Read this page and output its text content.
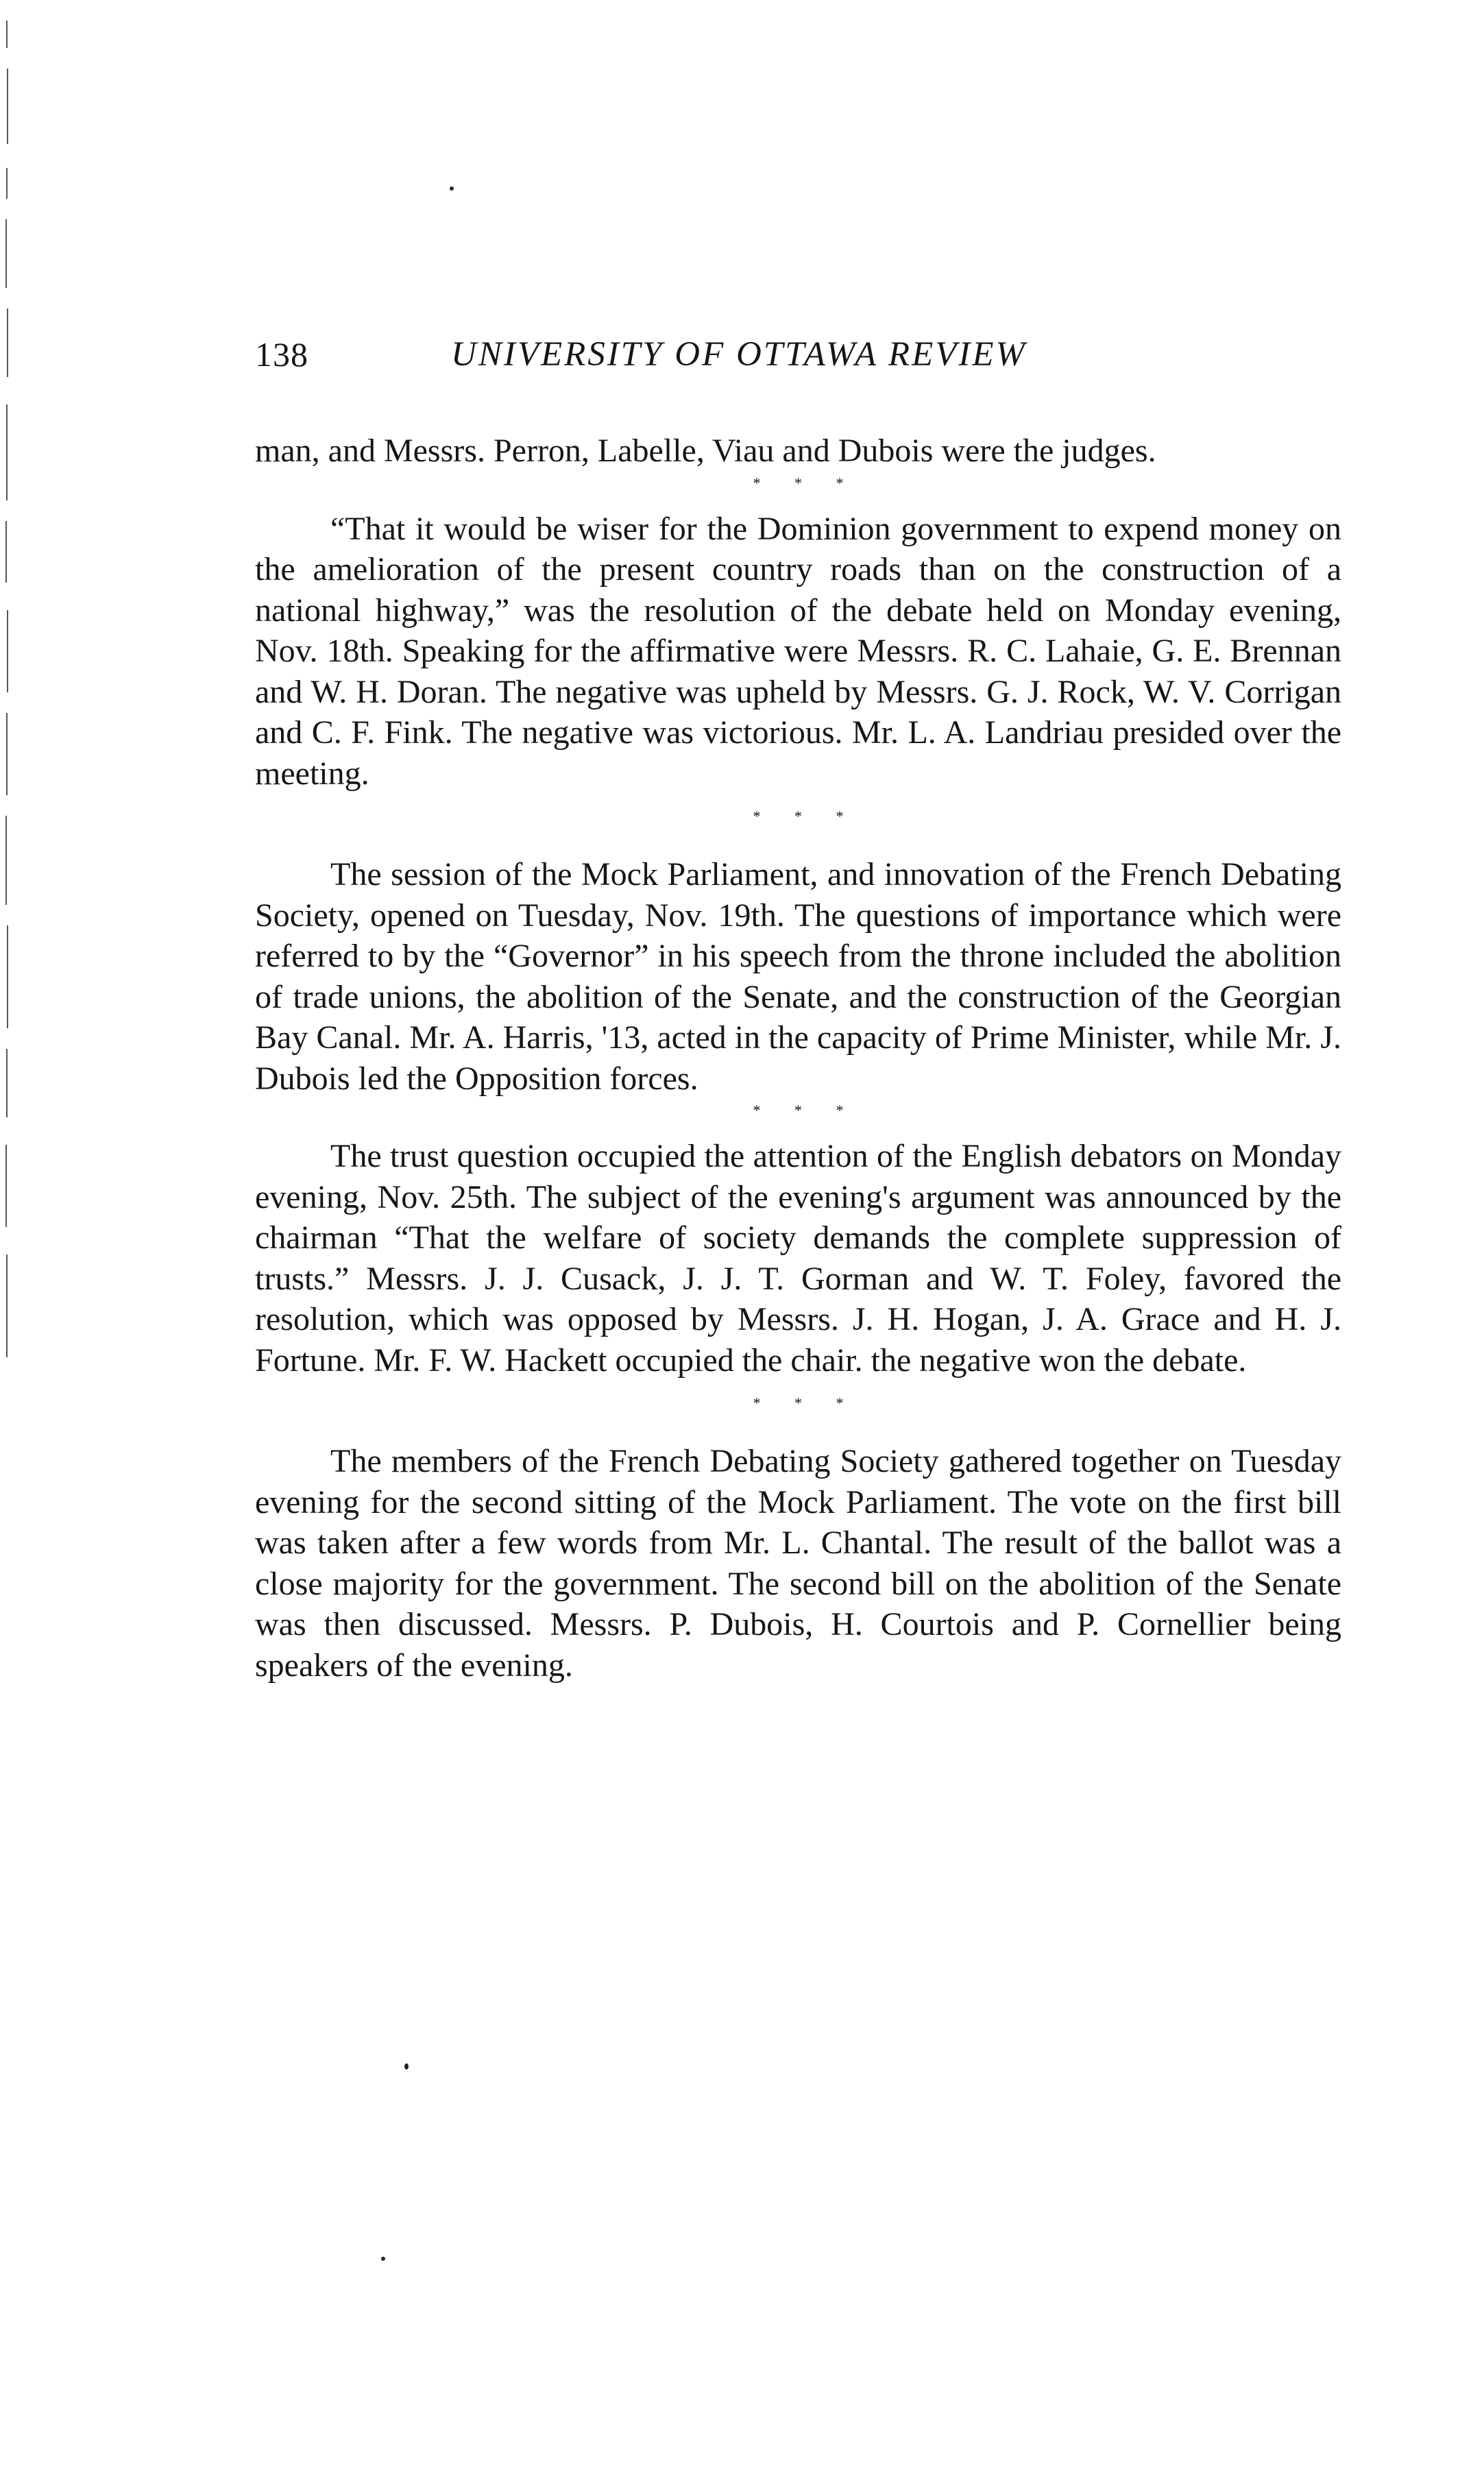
138	UNIVERSITY OF OTTAWA REVIEW

man, and Messrs. Perron, Labelle, Viau and Dubois were the judges.

* * *

“That it would be wiser for the Dominion government to expend money on the amelioration of the present country roads than on the construction of a national highway,” was the resolution of the debate held on Monday evening, Nov. 18th. Speaking for the affirmative were Messrs. R. C. Lahaie, G. E. Brennan and W. H. Doran. The negative was upheld by Messrs. G. J. Rock, W. V. Corrigan and C. F. Fink. The negative was victorious. Mr. L. A. Landriau presided over the meeting.

* * *

The session of the Mock Parliament, and innovation of the French Debating Society, opened on Tuesday, Nov. 19th. The questions of importance which were referred to by the “Governor” in his speech from the throne included the abolition of trade unions, the abolition of the Senate, and the construction of the Georgian Bay Canal. Mr. A. Harris, '13, acted in the capacity of Prime Minister, while Mr. J. Dubois led the Opposition forces.

* * *

The trust question occupied the attention of the English debators on Monday evening, Nov. 25th. The subject of the evening's argument was announced by the chairman “That the welfare of society demands the complete suppression of trusts.” Messrs. J. J. Cusack, J. J. T. Gorman and W. T. Foley, favored the resolution, which was opposed by Messrs. J. H. Hogan, J. A. Grace and H. J. Fortune. Mr. F. W. Hackett occupied the chair. the negative won the debate.

* * *

The members of the French Debating Society gathered together on Tuesday evening for the second sitting of the Mock Parliament. The vote on the first bill was taken after a few words from Mr. L. Chantal. The result of the ballot was a close majority for the government. The second bill on the abolition of the Senate was then discussed. Messrs. P. Dubois, H. Courtois and P. Cornellier being speakers of the evening.
